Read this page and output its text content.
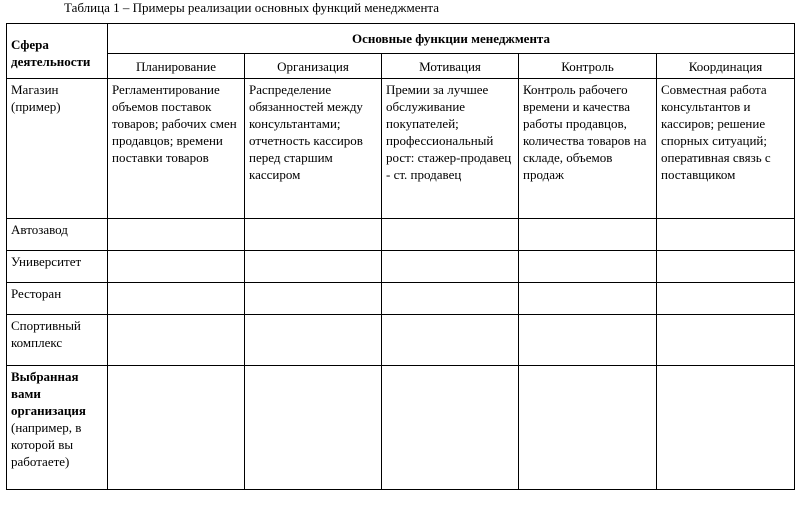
Таблица 1 – Примеры реализации основных функций менеджмента
Сфера деятельности	Основные функции менеджмента				
	Планирование	Организация	Мотивация	Контроль	Координация
Магазин (пример)	Регламентирование объемов поставок товаров; рабочих смен продавцов; времени поставки товаров	Распределение обязанностей между консультантами; отчетность кассиров перед старшим кассиром	Премии за лучшее обслуживание покупателей; профессиональный рост: стажер-продавец - ст. продавец	Контроль рабочего времени и качества работы продавцов, количества товаров на складе, объемов продаж	Совместная работа консультантов и кассиров; решение спорных ситуаций; оперативная связь с поставщиком
Автозавод					
Университет					
Ресторан					
Спортивный комплекс					
Выбранная вами организация (например, в которой вы работаете)					
